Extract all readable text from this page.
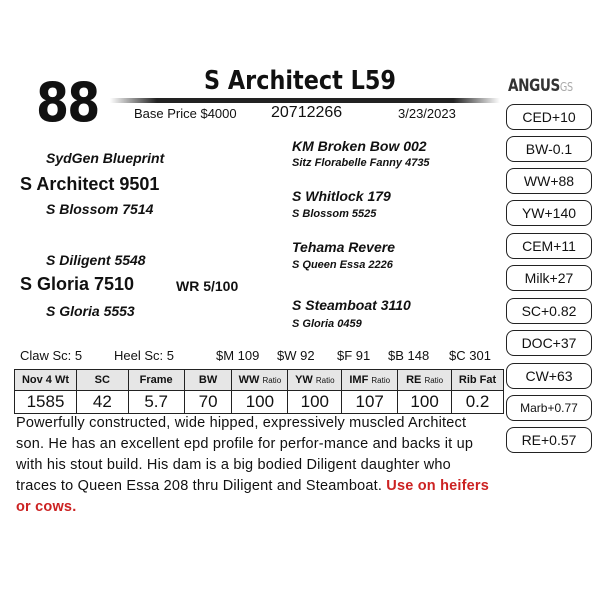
88	S Architect L59
Base Price $4000 20712266	3/23/2023
ANGUSGS
SydGen Blueprint
S Architect 9501
S Blossom 7514
S Diligent 5548
S Gloria 7510	WR 5/100
S Gloria 5553
KM Broken Bow 002
Sitz Florabelle Fanny 4735
S Whitlock 179
S Blossom 5525
Tehama Revere
S Queen Essa 2226
S Steamboat 3110
S Gloria 0459
CED+10
BW-0.1
WW+88
YW+140
CEM+11
Milk+27
SC+0.82
DOC+37
CW+63
Marb+0.77
RE+0.57
Claw Sc: 5 Heel Sc: 5	$M 109 $W 92 $F 91 $B 148 $C 301
Nov 4 Wt	SC	Frame	BW	WW Ratio	YW Ratio	IMF Ratio	RE Ratio	Rib Fat
1585	42	5.7	70	100	100	107	100	0.2
Powerfully constructed, wide hipped, expressively muscled Architect son. He has an excellent epd profile for perfor-mance and backs it up with his stout build. His dam is a big bodied Diligent daughter who traces to Queen Essa 208 thru Diligent and Steamboat. Use on heifers or cows.
